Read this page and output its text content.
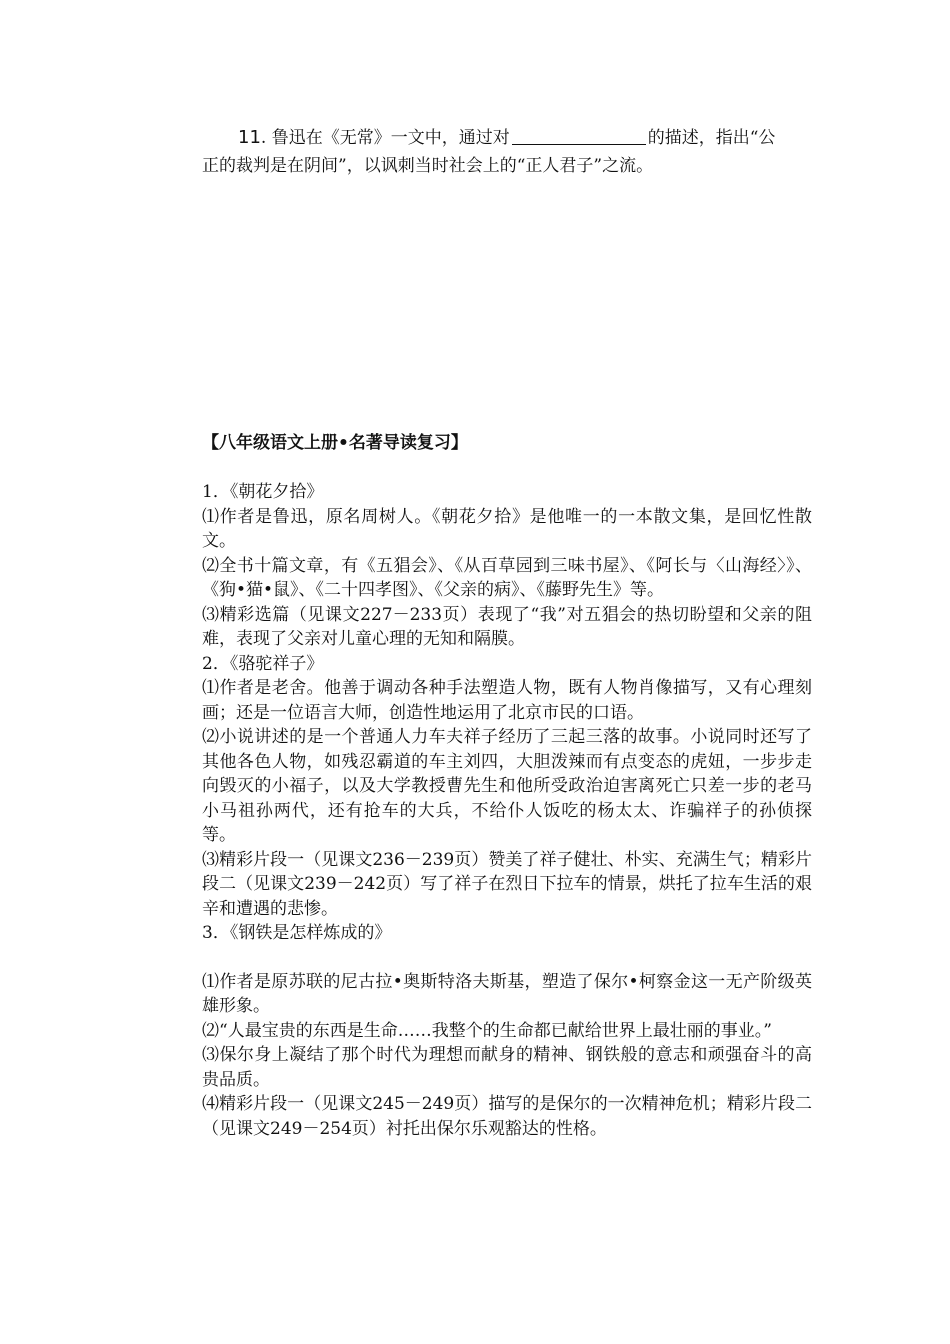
11. 鲁迅在《无常》一文中，通过对	的描述，指出“公
正的裁判是在阴间”，以讽刺当时社会上的“正人君子”之流。
【八年级语文上册•名著导读复习】
1．《朝花夕拾》

⑴作者是鲁迅，原名周树人。《朝花夕拾》是他唯一的一本散文集，是回忆性散文。

⑵全书十篇文章，有《五猖会》、《从百草园到三味书屋》、《阿长与〈山海经〉》、《狗•猫•鼠》、《二十四孝图》、《父亲的病》、《藤野先生》等。

⑶精彩选篇（见课文227－233页）表现了“我”对五猖会的热切盼望和父亲的阻难，表现了父亲对儿童心理的无知和隔膜。

2．《骆驼祥子》

⑴作者是老舍。他善于调动各种手法塑造人物，既有人物肖像描写，又有心理刻画；还是一位语言大师，创造性地运用了北京市民的口语。

⑵小说讲述的是一个普通人力车夫祥子经历了三起三落的故事。小说同时还写了其他各色人物，如残忍霸道的车主刘四，大胆泼辣而有点变态的虎妞，一步步走向毁灭的小福子，以及大学教授曹先生和他所受政治迫害离死亡只差一步的老马小马祖孙两代，还有抢车的大兵，不给仆人饭吃的杨太太、诈骗祥子的孙侦探等。

⑶精彩片段一（见课文236－239页）赞美了祥子健壮、朴实、充满生气；精彩片段二（见课文239－242页）写了祥子在烈日下拉车的情景，烘托了拉车生活的艰辛和遭遇的悲惨。

3．《钢铁是怎样炼成的》

⑴作者是原苏联的尼古拉•奥斯特洛夫斯基，塑造了保尔•柯察金这一无产阶级英雄形象。

⑵“人最宝贵的东西是生命……我整个的生命都已献给世界上最壮丽的事业。”

⑶保尔身上凝结了那个时代为理想而献身的精神、钢铁般的意志和顽强奋斗的高贵品质。

⑷精彩片段一（见课文245－249页）描写的是保尔的一次精神危机；精彩片段二（见课文249－254页）衬托出保尔乐观豁达的性格。
